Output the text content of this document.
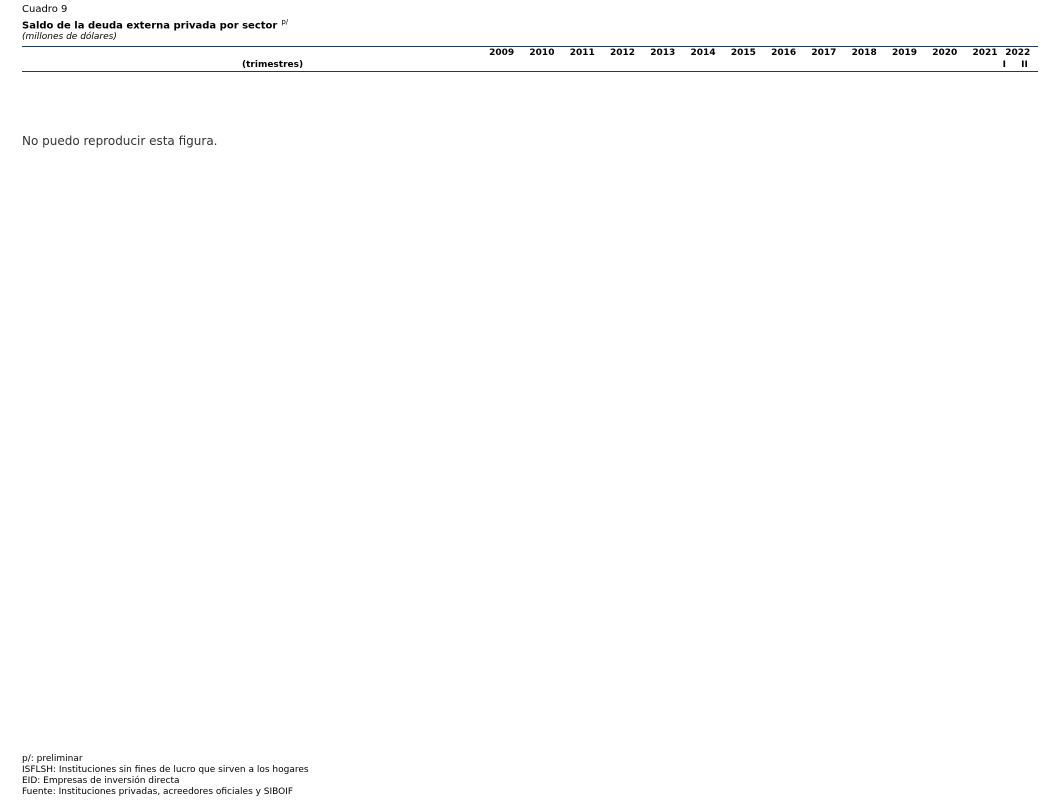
Cuadro 9
Saldo de la deuda externa privada por sector $^{p/}$
(millones de dólares)
	2009	2010	2011	2012	2013	2014	2015	2016	2017	2018	2019	2020	2021	2022	
(trimestres)														I	II
No puedo reproducir esta figura.
p/: preliminar
ISFLSH: Instituciones sin fines de lucro que sirven a los hogares
EID: Empresas de inversión directa
Fuente: Instituciones privadas, acreedores oficiales y SIBOIF
